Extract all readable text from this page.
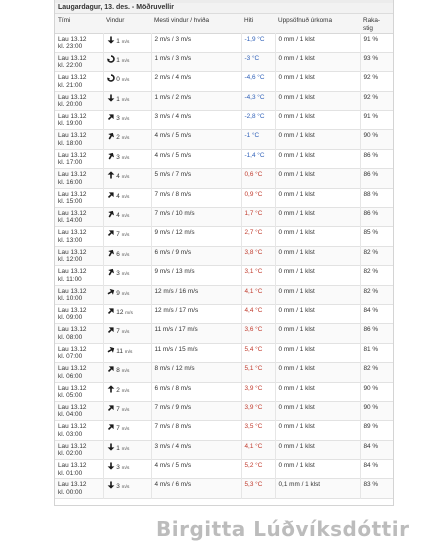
Laugardagur, 13. des. - Möðruvellir
Tími	Vindur	Mesti vindur / hviða	Hiti	Uppsöfnuð úrkoma	Raka-
stig
Lau 13.12
kl. 23:00	1 m/s	2 m/s / 3 m/s	-1,9 °C	0 mm / 1 klst	91 %
Lau 13.12
kl. 22:00	1 m/s	1 m/s / 3 m/s	-3 °C	0 mm / 1 klst	93 %
Lau 13.12
kl. 21:00	0 m/s	2 m/s / 4 m/s	-4,6 °C	0 mm / 1 klst	92 %
Lau 13.12
kl. 20:00	1 m/s	1 m/s / 2 m/s	-4,3 °C	0 mm / 1 klst	92 %
Lau 13.12
kl. 19:00	3 m/s	3 m/s / 4 m/s	-2,8 °C	0 mm / 1 klst	91 %
Lau 13.12
kl. 18:00	2 m/s	4 m/s / 5 m/s	-1 °C	0 mm / 1 klst	90 %
Lau 13.12
kl. 17:00	3 m/s	4 m/s / 5 m/s	-1,4 °C	0 mm / 1 klst	86 %
Lau 13.12
kl. 16:00	4 m/s	5 m/s / 7 m/s	0,6 °C	0 mm / 1 klst	86 %
Lau 13.12
kl. 15:00	4 m/s	7 m/s / 8 m/s	0,9 °C	0 mm / 1 klst	88 %
Lau 13.12
kl. 14:00	4 m/s	7 m/s / 10 m/s	1,7 °C	0 mm / 1 klst	86 %
Lau 13.12
kl. 13:00	7 m/s	9 m/s / 12 m/s	2,7 °C	0 mm / 1 klst	85 %
Lau 13.12
kl. 12:00	6 m/s	6 m/s / 9 m/s	3,8 °C	0 mm / 1 klst	82 %
Lau 13.12
kl. 11:00	3 m/s	9 m/s / 13 m/s	3,1 °C	0 mm / 1 klst	82 %
Lau 13.12
kl. 10:00	9 m/s	12 m/s / 16 m/s	4,1 °C	0 mm / 1 klst	82 %
Lau 13.12
kl. 09:00	12 m/s	12 m/s / 17 m/s	4,4 °C	0 mm / 1 klst	84 %
Lau 13.12
kl. 08:00	7 m/s	11 m/s / 17 m/s	3,6 °C	0 mm / 1 klst	86 %
Lau 13.12
kl. 07:00	11 m/s	11 m/s / 15 m/s	5,4 °C	0 mm / 1 klst	81 %
Lau 13.12
kl. 06:00	8 m/s	8 m/s / 12 m/s	5,1 °C	0 mm / 1 klst	82 %
Lau 13.12
kl. 05:00	2 m/s	6 m/s / 8 m/s	3,9 °C	0 mm / 1 klst	90 %
Lau 13.12
kl. 04:00	7 m/s	7 m/s / 9 m/s	3,9 °C	0 mm / 1 klst	90 %
Lau 13.12
kl. 03:00	7 m/s	7 m/s / 8 m/s	3,5 °C	0 mm / 1 klst	89 %
Lau 13.12
kl. 02:00	1 m/s	3 m/s / 4 m/s	4,1 °C	0 mm / 1 klst	84 %
Lau 13.12
kl. 01:00	3 m/s	4 m/s / 5 m/s	5,2 °C	0 mm / 1 klst	84 %
Lau 13.12
kl. 00:00	3 m/s	4 m/s / 6 m/s	5,3 °C	0,1 mm / 1 klst	83 %
Birgitta Lúðvíksdóttir
